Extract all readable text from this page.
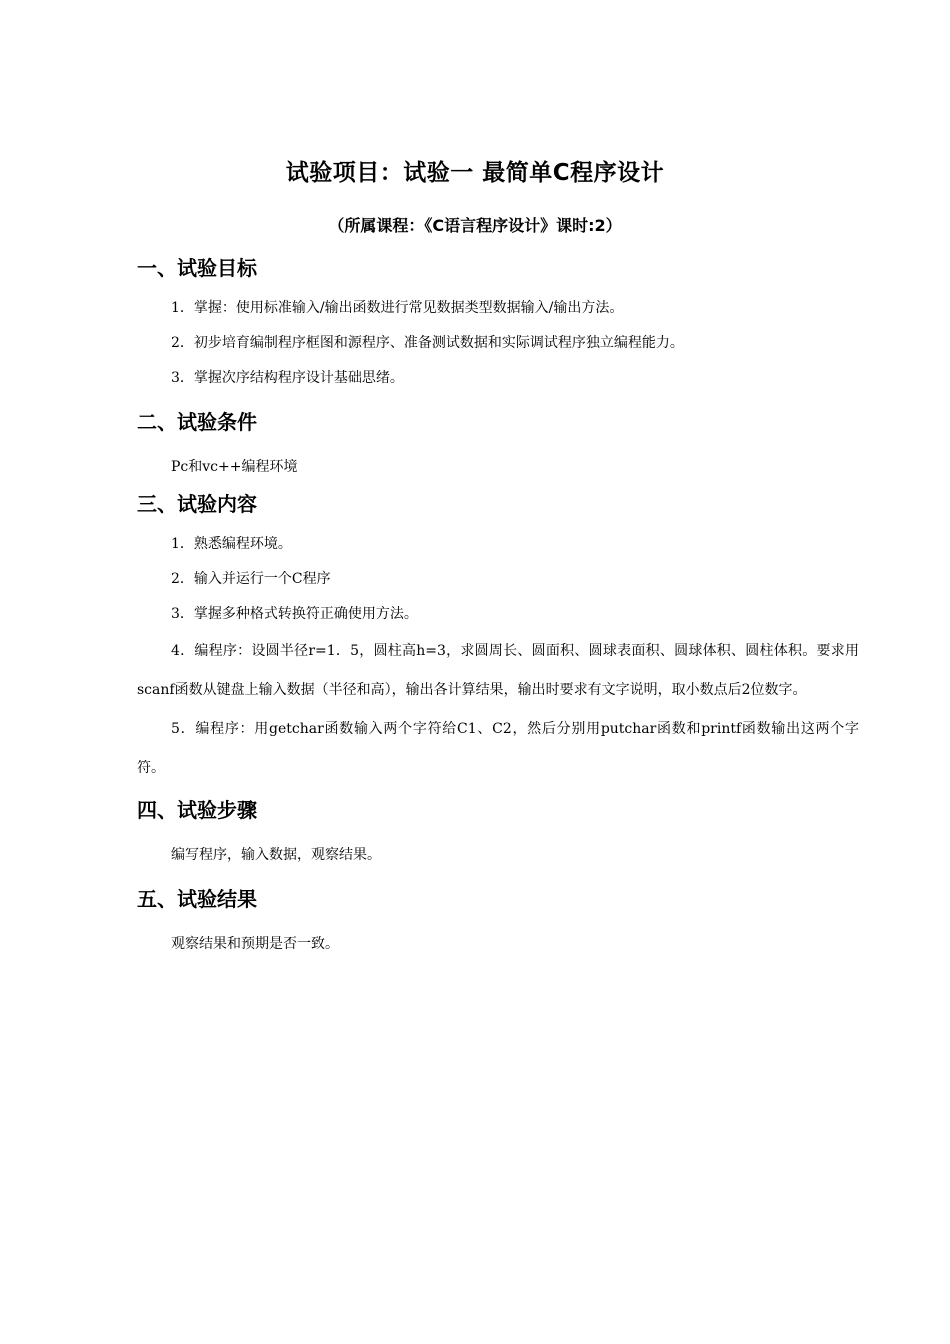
试验项目：试验一 最简单C程序设计

（所属课程：《C语言程序设计》课时:2）

一、试验目标

1．掌握：使用标准输入/输出函数进行常见数据类型数据输入/输出方法。

2．初步培育编制程序框图和源程序、准备测试数据和实际调试程序独立编程能力。

3．掌握次序结构程序设计基础思绪。

二、试验条件

Pc和vc++编程环境

三、试验内容

1．熟悉编程环境。

2．输入并运行一个C程序

3．掌握多种格式转换符正确使用方法。

4．编程序：设圆半径r=1．5，圆柱高h=3，求圆周长、圆面积、圆球表面积、圆球体积、圆柱体积。要求用scanf函数从键盘上输入数据（半径和高），输出各计算结果，输出时要求有文字说明，取小数点后2位数字。

5．编程序：用getchar函数输入两个字符给C1、C2，然后分别用putchar函数和printf函数输出这两个字符。

四、试验步骤

编写程序，输入数据，观察结果。

五、试验结果

观察结果和预期是否一致。
